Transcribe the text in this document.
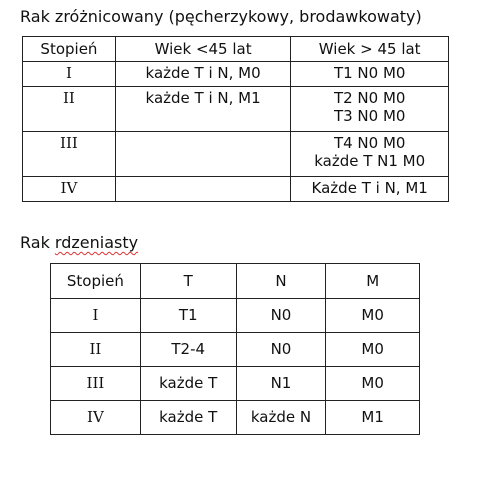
Rak zróżnicowany (pęcherzykowy, brodawkowaty)
Stopień	Wiek <45 lat	Wiek > 45 lat
I	każde T i N, M0	T1 N0 M0

II	każde T i N, M1	T2 N0 M0
T3 N0 M0

III		T4 N0 M0
każde T N1 M0

IV		Każde T i N, M1
Rak rdzeniasty
Stopień	T	N	M
I	T1	N0	M0
II	T2-4	N0	M0
III	każde T	N1	M0
IV	każde T	każde N	M1
